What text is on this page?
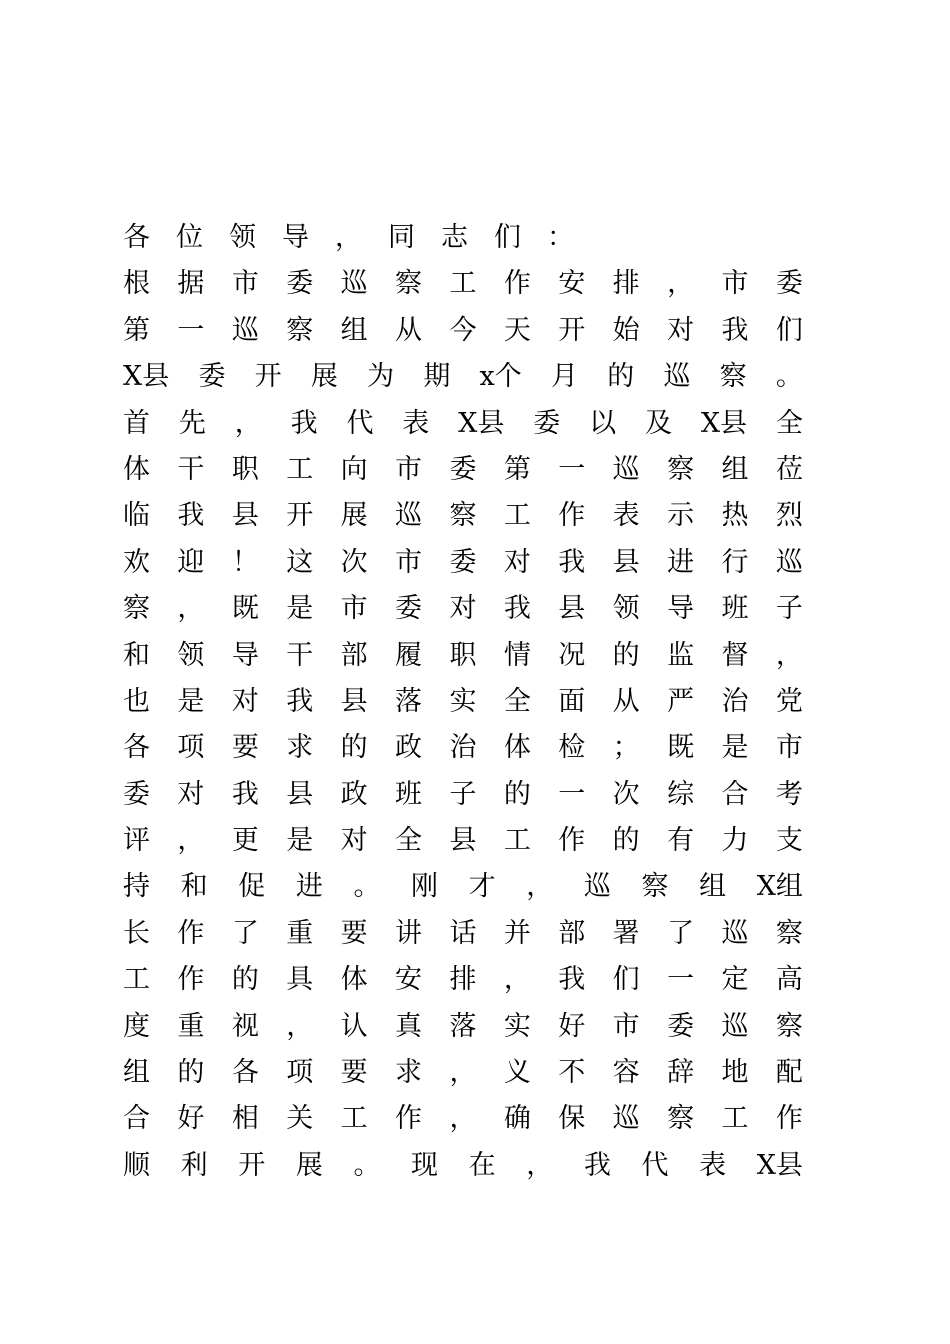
各 位 领 导 ， 同 志 们 ：
根 据 市 委 巡 察 工 作 安 排 ， 市 委
第 一 巡 察 组 从 今 天 开 始 对 我 们
X县 委 开 展 为 期 x个 月 的 巡 察 。
首 先 ， 我 代 表 X县 委 以 及 X县 全
体 干 职 工 向 市 委 第 一 巡 察 组 莅
临 我 县 开 展 巡 察 工 作 表 示 热 烈
欢 迎 ！ 这 次 市 委 对 我 县 进 行 巡
察 ， 既 是 市 委 对 我 县 领 导 班 子
和 领 导 干 部 履 职 情 况 的 监 督 ，
也 是 对 我 县 落 实 全 面 从 严 治 党
各 项 要 求 的 政 治 体 检 ； 既 是 市
委 对 我 县 政 班 子 的 一 次 综 合 考
评 ， 更 是 对 全 县 工 作 的 有 力 支
持 和 促 进 。 刚 才 ， 巡 察 组 X组
长 作 了 重 要 讲 话 并 部 署 了 巡 察
工 作 的 具 体 安 排 ， 我 们 一 定 高
度 重 视 ， 认 真 落 实 好 市 委 巡 察
组 的 各 项 要 求 ， 义 不 容 辞 地 配
合 好 相 关 工 作 ， 确 保 巡 察 工 作
顺 利 开 展 。 现 在 ， 我 代 表 X县
